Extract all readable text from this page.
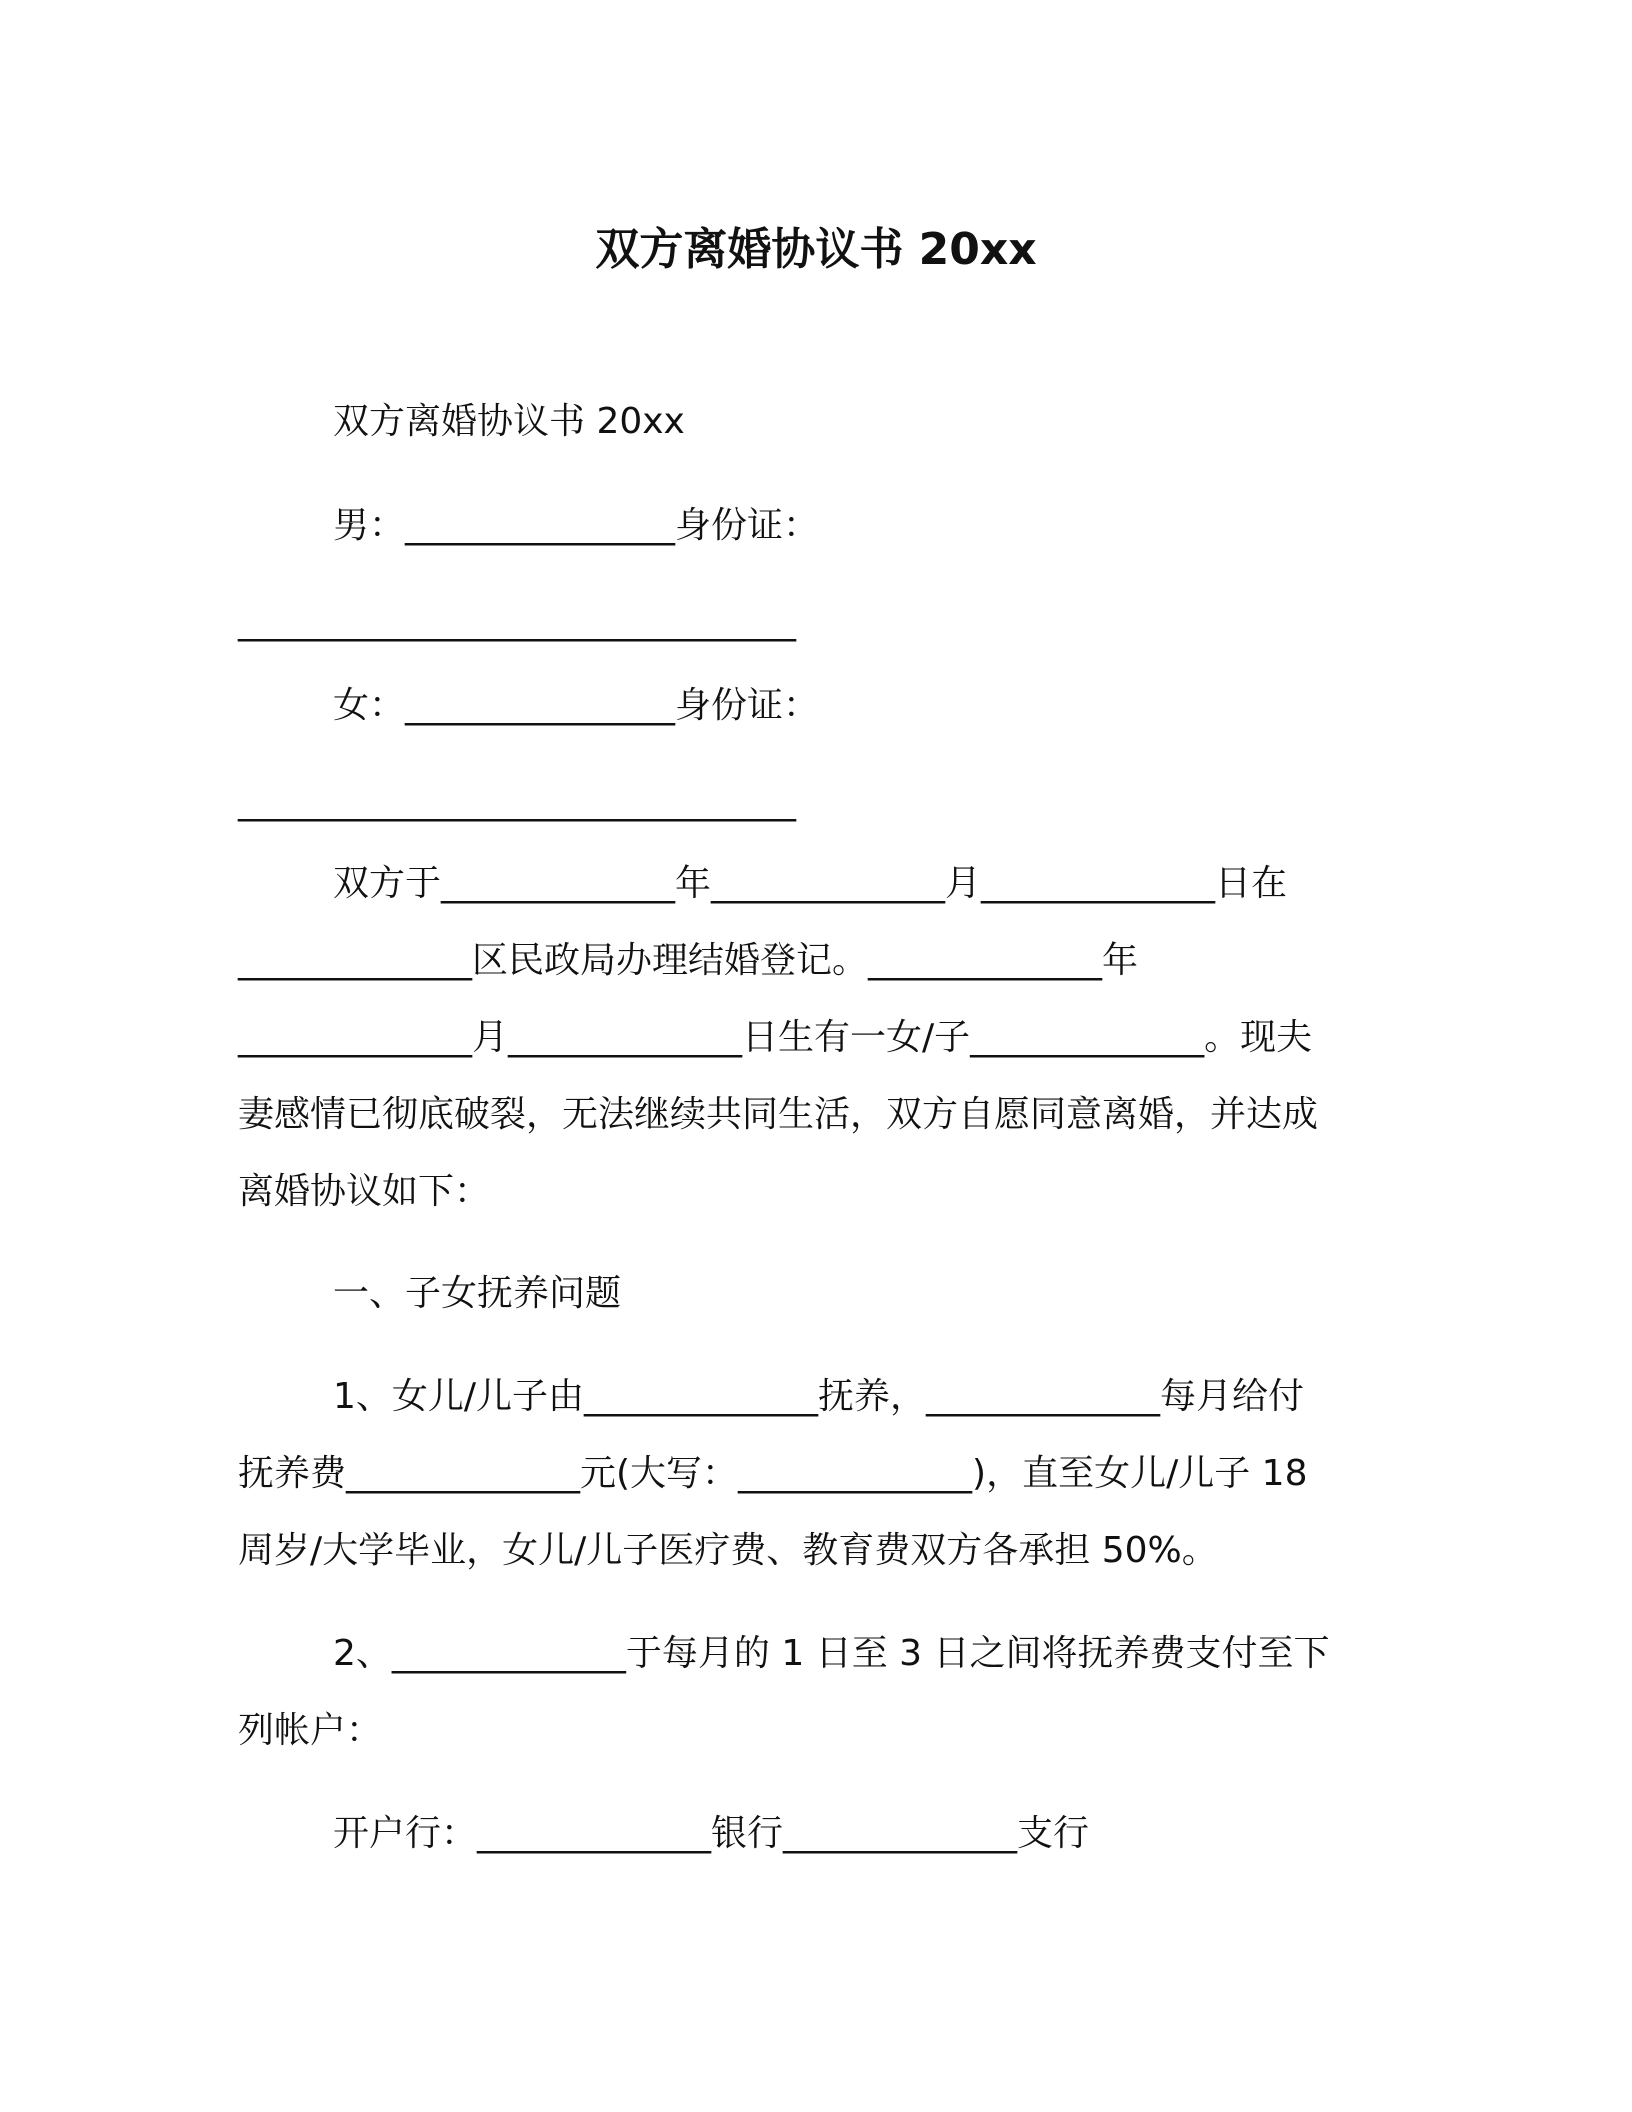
双方离婚协议书 20xx
双方离婚协议书 20xx
男：_______________身份证：
_______________________________
女：_______________身份证：
_______________________________
双方于_____________年_____________月_____________日在
_____________区民政局办理结婚登记。_____________年
_____________月_____________日生有一女/子_____________。现夫
妻感情已彻底破裂，无法继续共同生活，双方自愿同意离婚，并达成
离婚协议如下：
一、子女抚养问题
1、女儿/儿子由_____________抚养，_____________每月给付
抚养费_____________元(大写：_____________)，直至女儿/儿子 18
周岁/大学毕业，女儿/儿子医疗费、教育费双方各承担 50%。
2、_____________于每月的 1 日至 3 日之间将抚养费支付至下
列帐户：
开户行：_____________银行_____________支行
